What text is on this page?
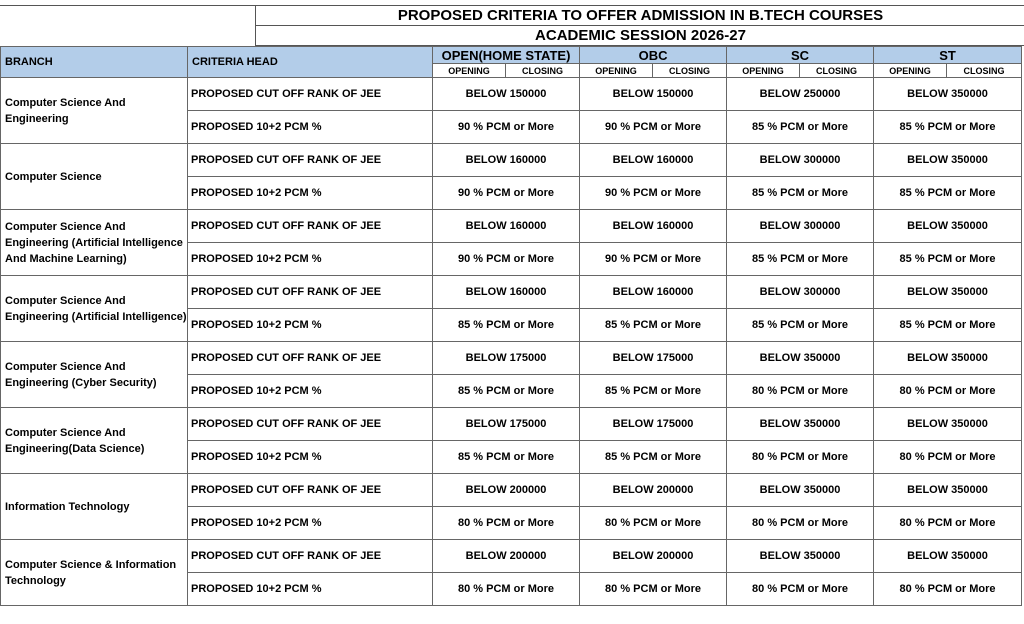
PROPOSED CRITERIA TO OFFER ADMISSION IN B.TECH COURSES
ACADEMIC SESSION 2026-27
BRANCH	CRITERIA HEAD	OPEN(HOME STATE)		OBC		SC		ST	
		OPENING	CLOSING	OPENING	CLOSING	OPENING	CLOSING	OPENING	CLOSING
Computer Science And Engineering	PROPOSED CUT OFF RANK OF JEE	BELOW 150000		BELOW 150000		BELOW 250000		BELOW 350000	
	PROPOSED 10+2 PCM %	90 % PCM or More		90 % PCM or More		85 % PCM or More		85 % PCM or More	
Computer Science	PROPOSED CUT OFF RANK OF JEE	BELOW 160000		BELOW 160000		BELOW 300000		BELOW 350000	
	PROPOSED 10+2 PCM %	90 % PCM or More		90 % PCM or More		85 % PCM or More		85 % PCM or More	
Computer Science And Engineering (Artificial Intelligence And Machine Learning)	PROPOSED CUT OFF RANK OF JEE	BELOW 160000		BELOW 160000		BELOW 300000		BELOW 350000	
	PROPOSED 10+2 PCM %	90 % PCM or More		90 % PCM or More		85 % PCM or More		85 % PCM or More	
Computer Science And Engineering (Artificial Intelligence)	PROPOSED CUT OFF RANK OF JEE	BELOW 160000		BELOW 160000		BELOW 300000		BELOW 350000	
	PROPOSED 10+2 PCM %	85 % PCM or More		85 % PCM or More		85 % PCM or More		85 % PCM or More	
Computer Science And Engineering (Cyber Security)	PROPOSED CUT OFF RANK OF JEE	BELOW 175000		BELOW 175000		BELOW 350000		BELOW 350000	
	PROPOSED 10+2 PCM %	85 % PCM or More		85 % PCM or More		80 % PCM or More		80 % PCM or More	
Computer Science And Engineering(Data Science)	PROPOSED CUT OFF RANK OF JEE	BELOW 175000		BELOW 175000		BELOW 350000		BELOW 350000	
	PROPOSED 10+2 PCM %	85 % PCM or More		85 % PCM or More		80 % PCM or More		80 % PCM or More	
Information Technology	PROPOSED CUT OFF RANK OF JEE	BELOW 200000		BELOW 200000		BELOW 350000		BELOW 350000	
	PROPOSED 10+2 PCM %	80 % PCM or More		80 % PCM or More		80 % PCM or More		80 % PCM or More	
Computer Science & Information Technology	PROPOSED CUT OFF RANK OF JEE	BELOW 200000		BELOW 200000		BELOW 350000		BELOW 350000	
	PROPOSED 10+2 PCM %	80 % PCM or More		80 % PCM or More		80 % PCM or More		80 % PCM or More	
